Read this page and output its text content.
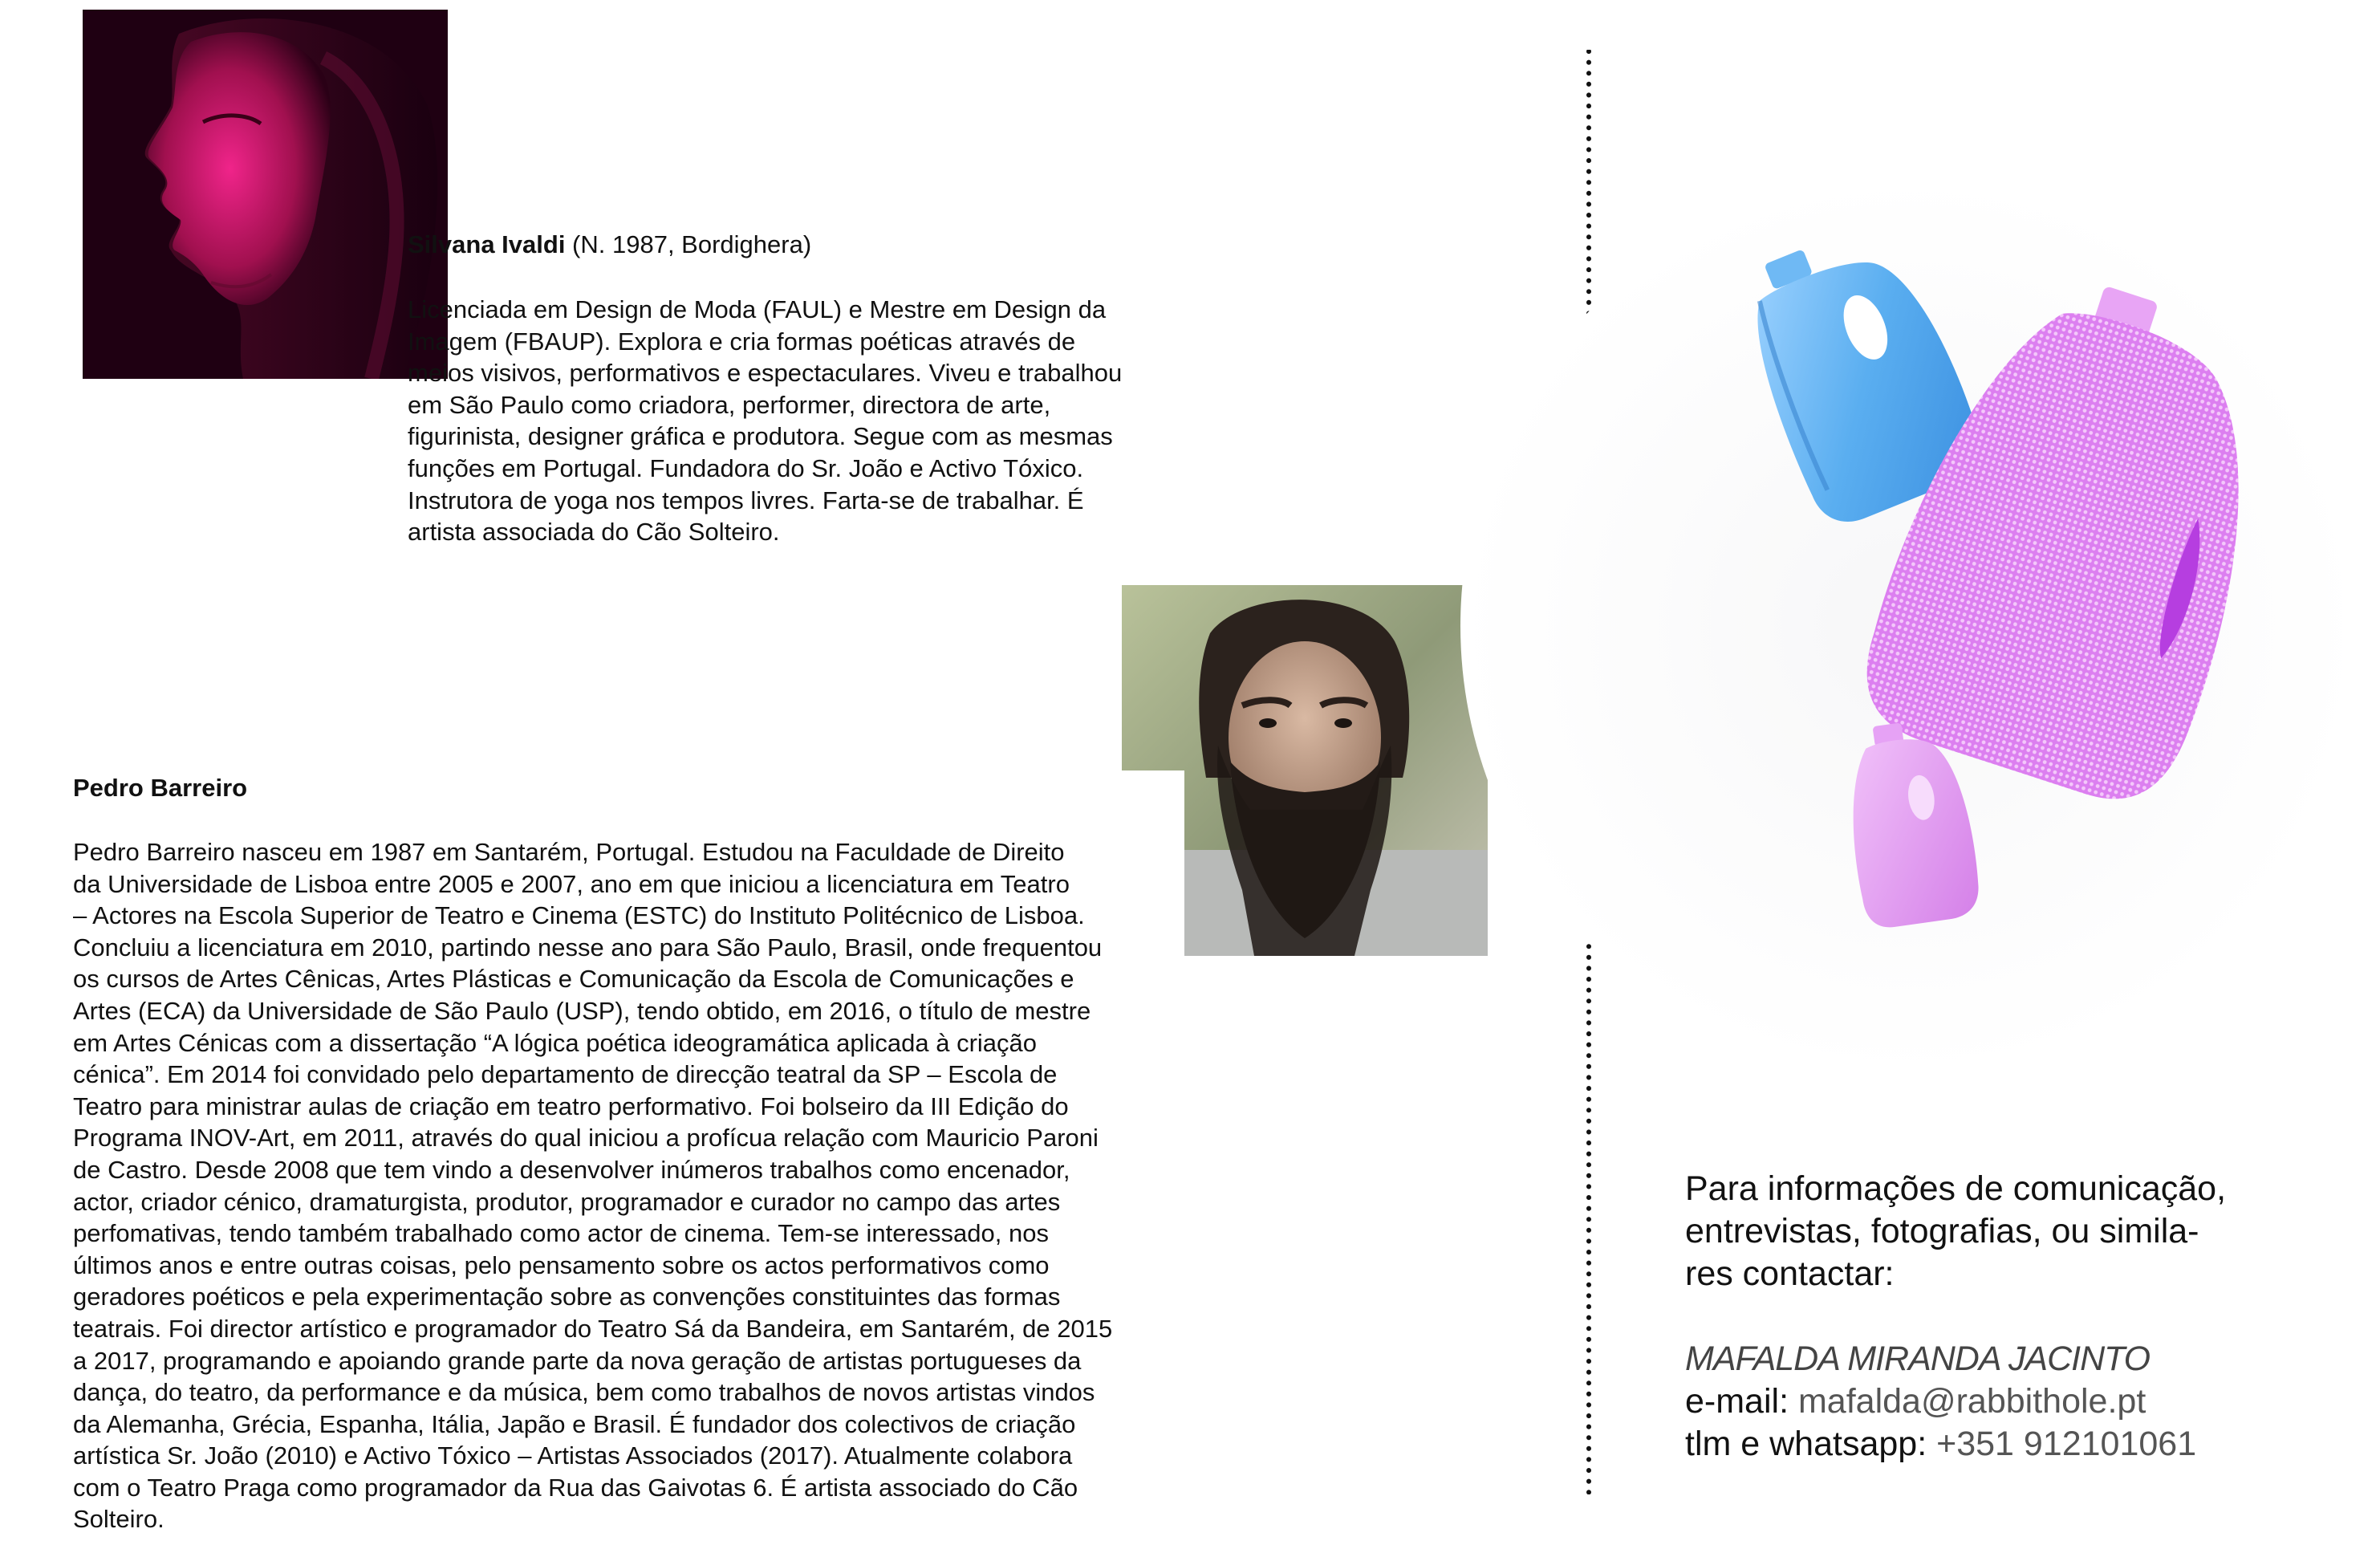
Silvana Ivaldi (N. 1987, Bordighera)
Licenciada em Design de Moda (FAUL) e Mestre em Design da
Imagem (FBAUP). Explora e cria formas poéticas através de
meios visivos, performativos e espectaculares. Viveu e trabalhou
em São Paulo como criadora, performer, directora de arte,
figurinista, designer gráfica e produtora. Segue com as mesmas
funções em Portugal. Fundadora do Sr. João e Activo Tóxico.
Instrutora de yoga nos tempos livres. Farta-se de trabalhar. É
artista associada do Cão Solteiro.
Pedro Barreiro
Pedro Barreiro nasceu em 1987 em Santarém, Portugal. Estudou na Faculdade de Direito
da Universidade de Lisboa entre 2005 e 2007, ano em que iniciou a licenciatura em Teatro
– Actores na Escola Superior de Teatro e Cinema (ESTC) do Instituto Politécnico de Lisboa.
Concluiu a licenciatura em 2010, partindo nesse ano para São Paulo, Brasil, onde frequentou
os cursos de Artes Cênicas, Artes Plásticas e Comunicação da Escola de Comunicações e
Artes (ECA) da Universidade de São Paulo (USP), tendo obtido, em 2016, o título de mestre
em Artes Cénicas com a dissertação “A lógica poética ideogramática aplicada à criação
cénica”. Em 2014 foi convidado pelo departamento de direcção teatral da SP – Escola de
Teatro para ministrar aulas de criação em teatro performativo. Foi bolseiro da III Edição do
Programa INOV-Art, em 2011, através do qual iniciou a profícua relação com Mauricio Paroni
de Castro. Desde 2008 que tem vindo a desenvolver inúmeros trabalhos como encenador,
actor, criador cénico, dramaturgista, produtor, programador e curador no campo das artes
perfomativas, tendo também trabalhado como actor de cinema. Tem-se interessado, nos
últimos anos e entre outras coisas, pelo pensamento sobre os actos performativos como
geradores poéticos e pela experimentação sobre as convenções constituintes das formas
teatrais. Foi director artístico e programador do Teatro Sá da Bandeira, em Santarém, de 2015
a 2017, programando e apoiando grande parte da nova geração de artistas portugueses da
dança, do teatro, da performance e da música, bem como trabalhos de novos artistas vindos
da Alemanha, Grécia, Espanha, Itália, Japão e Brasil. É fundador dos colectivos de criação
artística Sr. João (2010) e Activo Tóxico – Artistas Associados (2017). Atualmente colabora
com o Teatro Praga como programador da Rua das Gaivotas 6. É artista associado do Cão
Solteiro.
Para informações de comunicação,
entrevistas, fotografias, ou simila-
res contactar:
MAFALDA MIRANDA JACINTO
e-mail: mafalda@rabbithole.pt
tlm e whatsapp: +351 912101061
